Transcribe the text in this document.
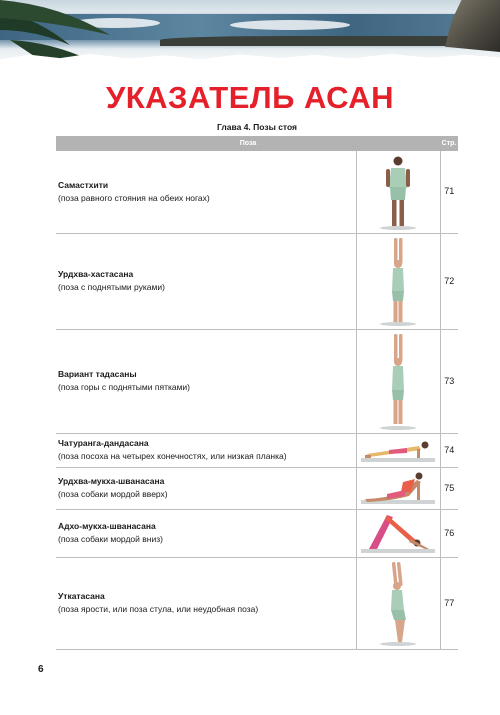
УКАЗАТЕЛЬ АСАН
Глава 4. Позы стоя
Поза		Стр.

Самастхити
(поза равного стояния на обеих ногах)		71

Урдхва-хастасана
(поза с поднятыми руками)		72

Вариант тадасаны
(поза горы с поднятыми пятками)		73

Чатуранга-дандасана
(поза посоха на четырех конечностях, или низкая планка)		74

Урдхва-мукха-шванасана
(поза собаки мордой вверх)		75

Адхо-мукха-шванасана
(поза собаки мордой вниз)		76

Уткатасана
(поза ярости, или поза стула, или неудобная поза)		77
6
